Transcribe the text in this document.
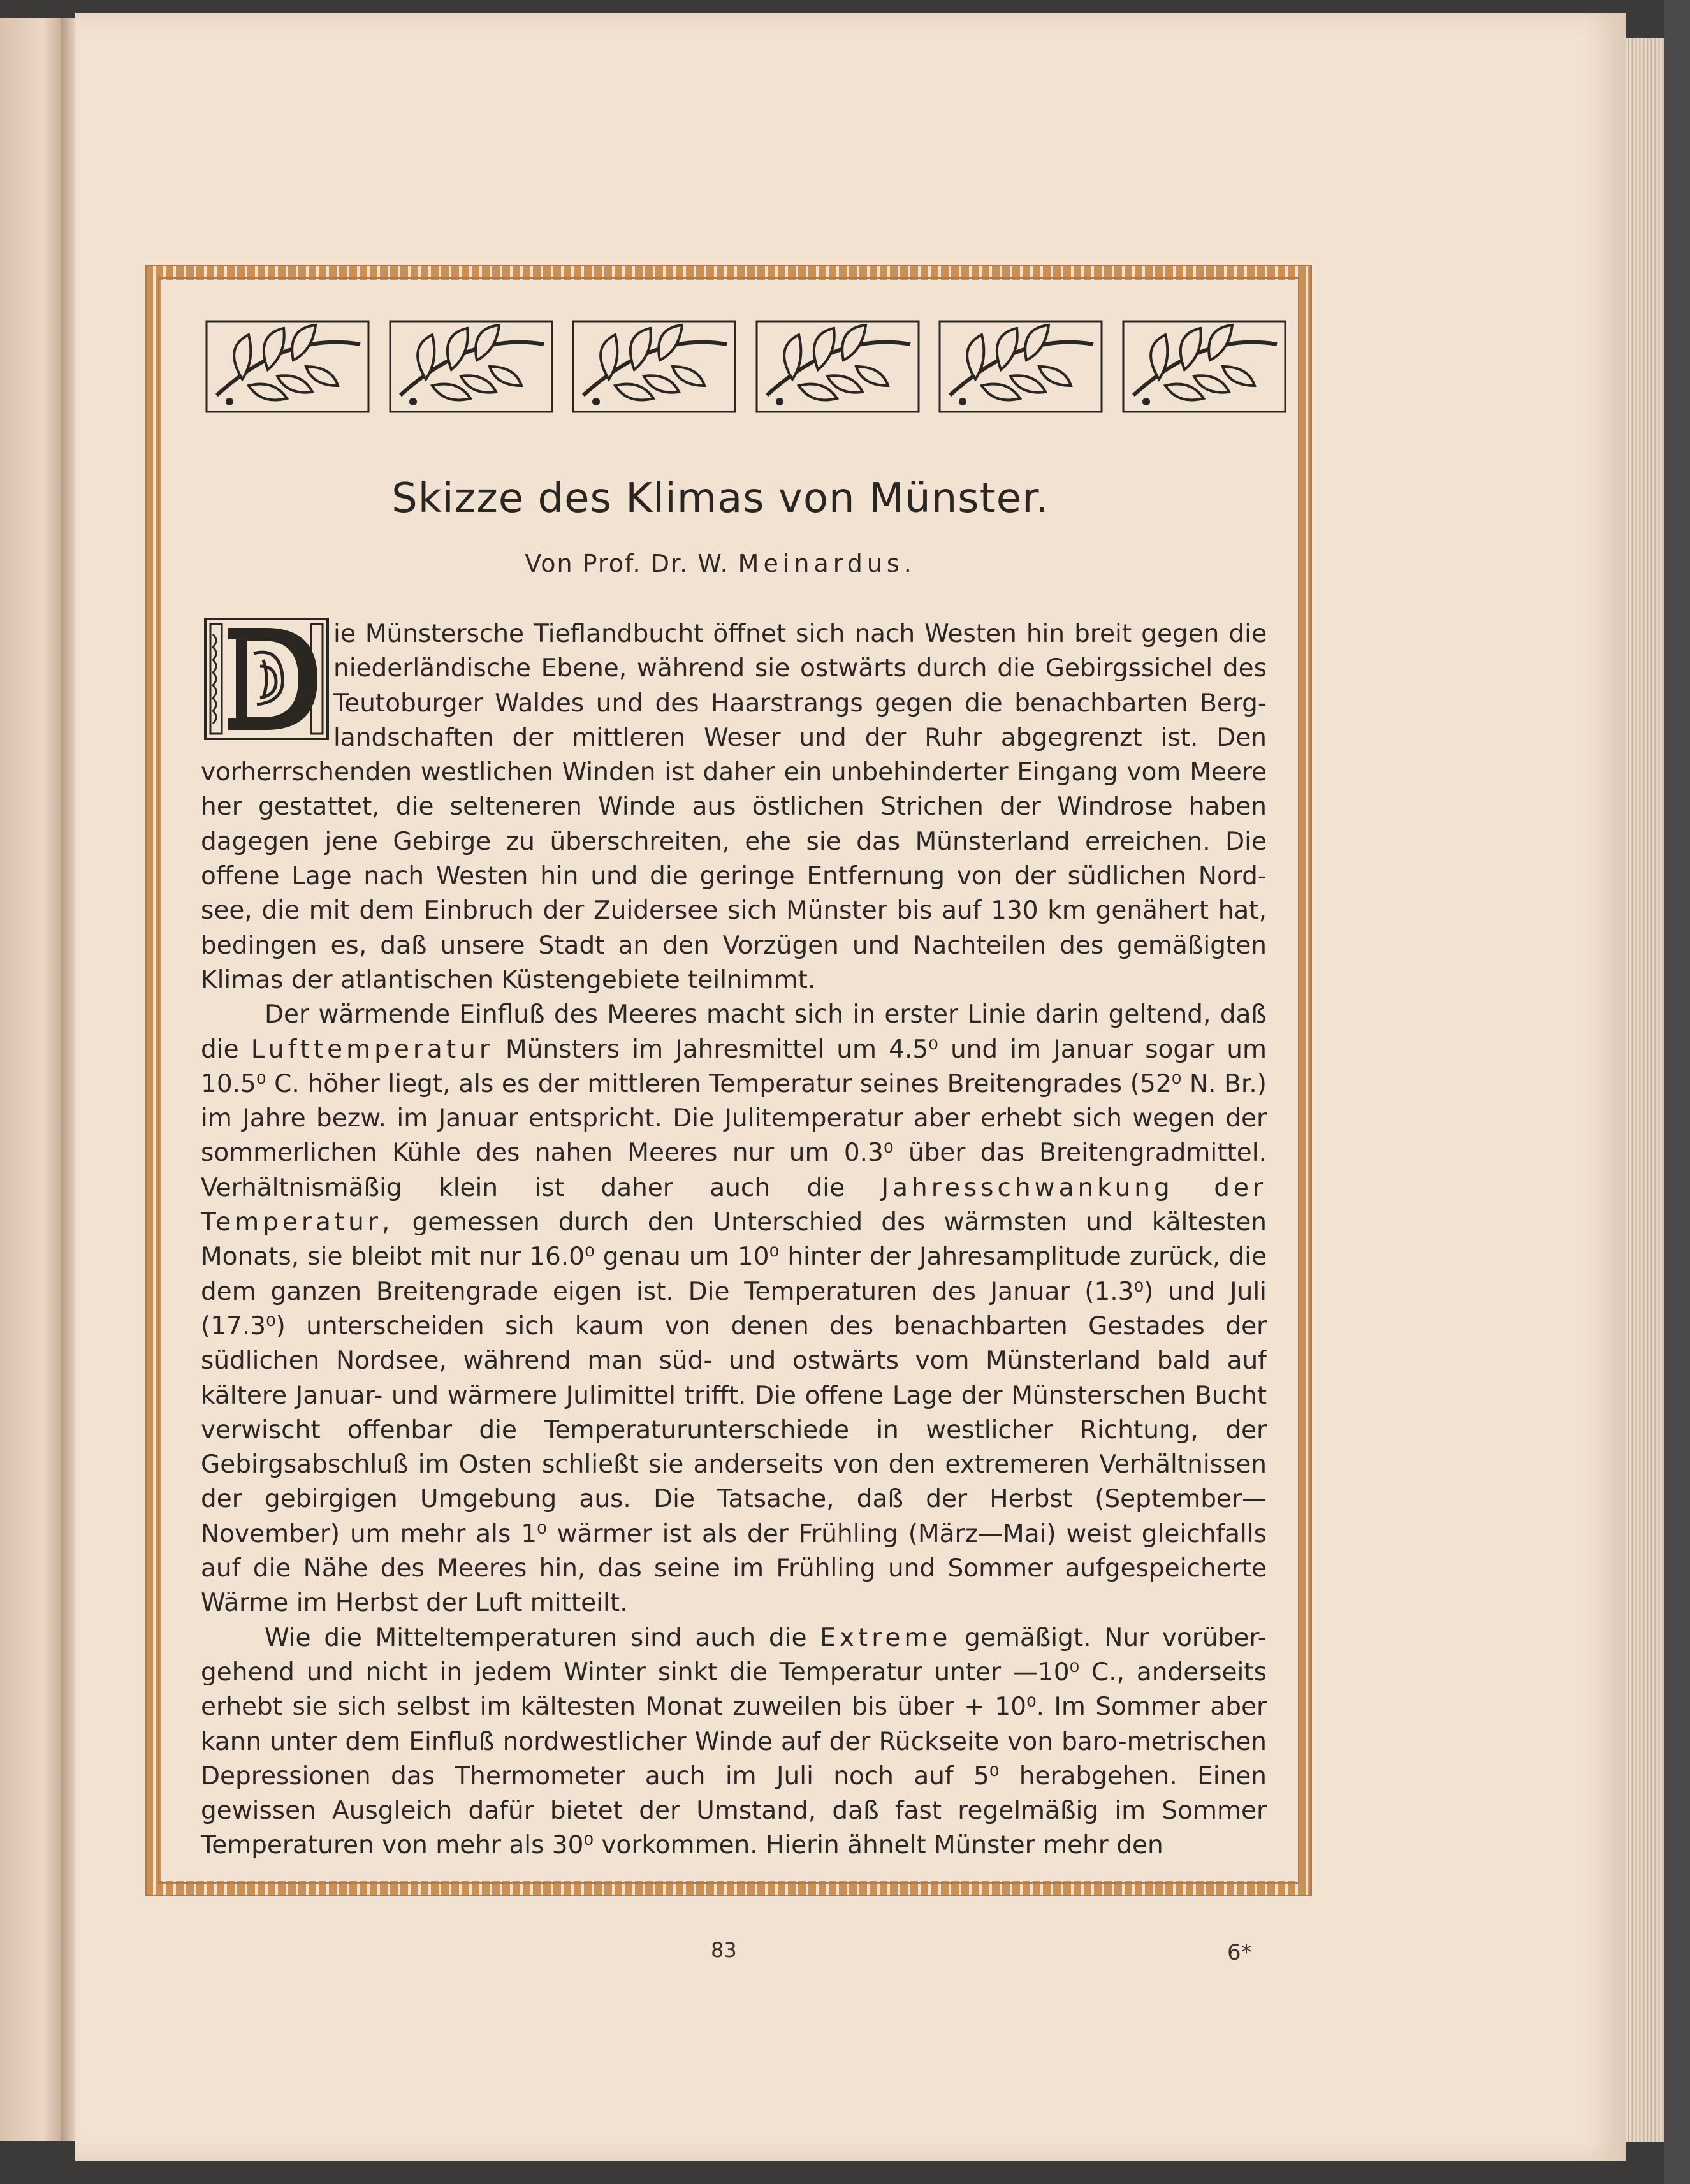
Skizze des Klimas von Münster.
Von Prof. Dr. W. Meinardus.
D

ie Münstersche Tieflandbucht öffnet sich nach Westen hin breit gegen die niederländische Ebene, während sie ostwärts durch die Gebirgssichel des Teutoburger Waldes und des Haarstrangs gegen die benachbarten Berg-landschaften der mittleren Weser und der Ruhr abgegrenzt ist. Den vorherrschenden westlichen Winden ist daher ein unbehinderter Eingang vom Meere her gestattet, die selteneren Winde aus östlichen Strichen der Windrose haben dagegen jene Gebirge zu überschreiten, ehe sie das Münsterland erreichen. Die offene Lage nach Westen hin und die geringe Entfernung von der südlichen Nord-see, die mit dem Einbruch der Zuidersee sich Münster bis auf 130 km genähert hat, bedingen es, daß unsere Stadt an den Vorzügen und Nachteilen des gemäßigten Klimas der atlantischen Küstengebiete teilnimmt.

Der wärmende Einfluß des Meeres macht sich in erster Linie darin geltend, daß die Lufttemperatur Münsters im Jahresmittel um 4.5⁰ und im Januar sogar um 10.5⁰ C. höher liegt, als es der mittleren Temperatur seines Breitengrades (52⁰ N. Br.) im Jahre bezw. im Januar entspricht. Die Julitemperatur aber erhebt sich wegen der sommerlichen Kühle des nahen Meeres nur um 0.3⁰ über das Breitengradmittel. Verhältnismäßig klein ist daher auch die Jahresschwankung der Temperatur, gemessen durch den Unterschied des wärmsten und kältesten Monats, sie bleibt mit nur 16.0⁰ genau um 10⁰ hinter der Jahresamplitude zurück, die dem ganzen Breitengrade eigen ist. Die Temperaturen des Januar (1.3⁰) und Juli (17.3⁰) unterscheiden sich kaum von denen des benachbarten Gestades der südlichen Nordsee, während man süd- und ostwärts vom Münsterland bald auf kältere Januar- und wärmere Julimittel trifft. Die offene Lage der Münsterschen Bucht verwischt offenbar die Temperaturunterschiede in westlicher Richtung, der Gebirgsabschluß im Osten schließt sie anderseits von den extremeren Verhältnissen der gebirgigen Umgebung aus. Die Tatsache, daß der Herbst (September—November) um mehr als 1⁰ wärmer ist als der Frühling (März—Mai) weist gleichfalls auf die Nähe des Meeres hin, das seine im Frühling und Sommer aufgespeicherte Wärme im Herbst der Luft mitteilt.

Wie die Mitteltemperaturen sind auch die Extreme gemäßigt. Nur vorüber-gehend und nicht in jedem Winter sinkt die Temperatur unter —10⁰ C., anderseits erhebt sie sich selbst im kältesten Monat zuweilen bis über + 10⁰. Im Sommer aber kann unter dem Einfluß nordwestlicher Winde auf der Rückseite von baro-metrischen Depressionen das Thermometer auch im Juli noch auf 5⁰ herabgehen. Einen gewissen Ausgleich dafür bietet der Umstand, daß fast regelmäßig im Sommer Temperaturen von mehr als 30⁰ vorkommen. Hierin ähnelt Münster mehr den

83	6*
